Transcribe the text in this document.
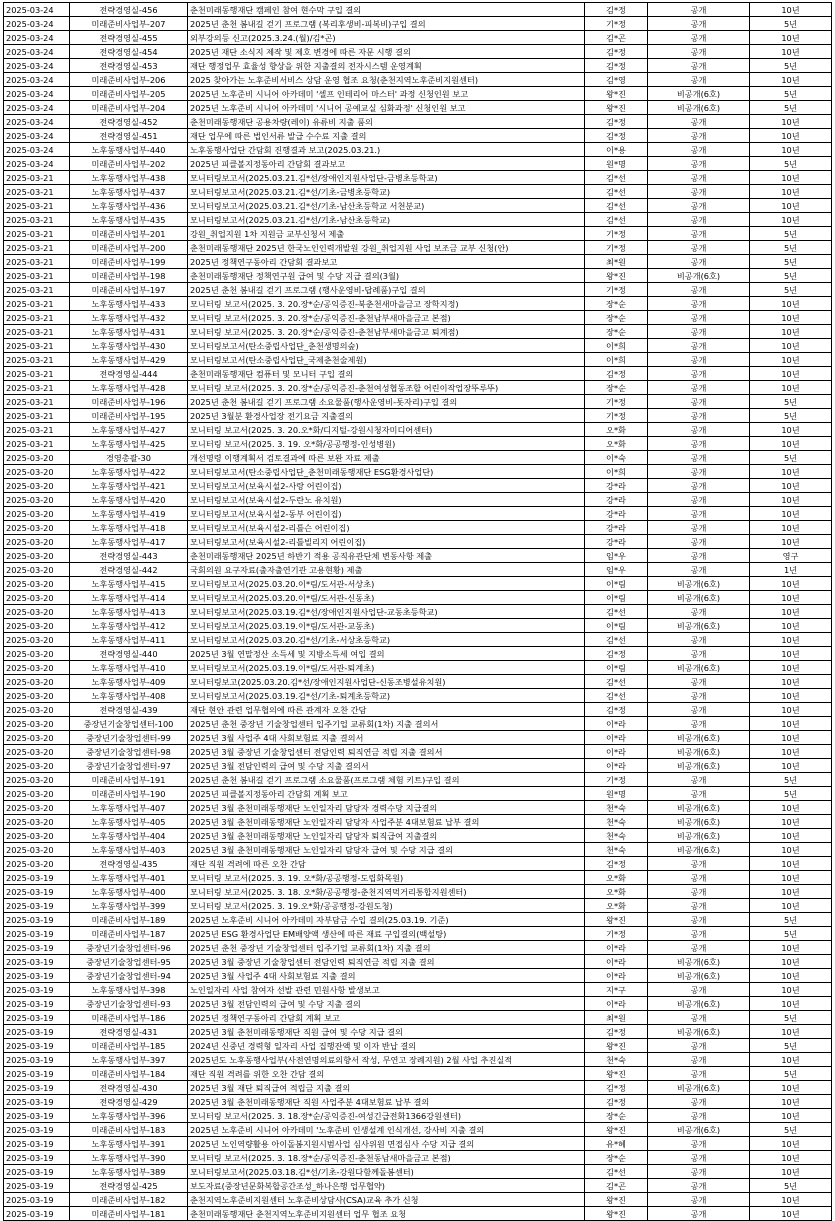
2025-03-24	전략경영실-456	춘천미래동행재단 캠페인 참여 현수막 구입 결의	김*정	공개	10년
2025-03-24	미래준비사업부-207	2025년 춘천 봄내길 걷기 프로그램 (복리후생비-피복비)구입 결의	기*정	공개	5년
2025-03-24	전략경영실-455	외부강의등 신고(2025.3.24.(월)/김*곤)	김*곤	공개	10년
2025-03-24	전략경영실-454	2025년 재단 소식지 제작 및 제호 변경에 따른 자문 시행 결의	김*정	공개	10년
2025-03-24	전략경영실-453	재단 행정업무 효율성 향상을 위한 지출결의 전자시스템 운영계획	김*정	공개	5년
2025-03-24	미래준비사업부-206	2025 찾아가는 노후준비서비스 상담 운영 협조 요청(춘천지역노후준비지원센터)	김*영	공개	10년
2025-03-24	미래준비사업부-205	2025년 노후준비 시니어 아카데미 '셀프 인테리어 마스터' 과정 신청인원 보고	왕*진	비공개(6호)	5년
2025-03-24	미래준비사업부-204	2025년 노후준비 시니어 아카데미 '시니어 공예교실 심화과정' 신청인원 보고	왕*진	비공개(6호)	5년
2025-03-24	전략경영실-452	춘천미래동행재단 공용차량(레이) 유류비 지출 품의	김*정	공개	10년
2025-03-24	전략경영실-451	재단 업무에 따른 법인서류 발급 수수료 지출 결의	김*정	공개	10년
2025-03-24	노후동행사업부-440	노후동행사업단 간담회 진행결과 보고(2025.03.21.)	이*용	공개	10년
2025-03-24	미래준비사업부-202	2025년 피클볼지정동아리 간담회 결과보고	원*명	공개	5년
2025-03-21	노후동행사업부-438	모니터링보고서(2025.03.21.김*선/장애인지원사업단-금병초등학교)	김*선	공개	10년
2025-03-21	노후동행사업부-437	모니터링보고서(2025.03.21.김*선/기초-금병초등학교)	김*선	공개	10년
2025-03-21	노후동행사업부-436	모니터링보고서(2025.03.21.김*선/기초-남산초등학교 서천분교)	김*선	공개	10년
2025-03-21	노후동행사업부-435	모니터링보고서(2025.03.21.김*선/기초-남산초등학교)	김*선	공개	10년
2025-03-21	미래준비사업부-201	강원_취업지원 1차 지원금 교부신청서 제출	기*정	공개	5년
2025-03-21	미래준비사업부-200	춘천미래동행재단 2025년 한국노인인력개발원 강원_취업지원 사업 보조금 교부 신청(안)	기*정	공개	5년
2025-03-21	미래준비사업부-199	2025년 정책연구동아리 간담회 결과보고	최*원	공개	5년
2025-03-21	미래준비사업부-198	춘천미래동행재단 정책연구원 급여 및 수당 지급 결의(3월)	왕*진	비공개(6호)	5년
2025-03-21	미래준비사업부-197	2025년 춘천 봄내길 걷기 프로그램 (행사운영비-답례품)구입 결의	기*정	공개	5년
2025-03-21	노후동행사업부-433	모니터링 보고서(2025. 3. 20.장*순/공익증진-북춘천새마을금고 장학지정)	장*순	공개	10년
2025-03-21	노후동행사업부-432	모니터링 보고서(2025. 3. 20.장*순/공익증진-춘천남부새마을금고 본점)	장*순	공개	10년
2025-03-21	노후동행사업부-431	모니터링 보고서(2025. 3. 20.장*순/공익증진-춘천남부새마을금고 퇴계점)	장*순	공개	10년
2025-03-21	노후동행사업부-430	모니터링보고서(탄소중립사업단_춘천생명의숲)	이*희	공개	10년
2025-03-21	노후동행사업부-429	모니터링보고서(탄소중립사업단_국제춘천술제원)	이*희	공개	10년
2025-03-21	전략경영실-444	춘천미래동행재단 컴퓨터 및 모니터 구입 결의	김*정	공개	10년
2025-03-21	노후동행사업부-428	모니터링 보고서(2025. 3. 20.장*순/공익증진-춘천여성협동조합 어린이작업장뚜루뚜)	장*순	공개	10년
2025-03-21	미래준비사업부-196	2025년 춘천 봄내길 걷기 프로그램 소요물품(행사운영비-돗자리)구입 결의	기*정	공개	5년
2025-03-21	미래준비사업부-195	2025년 3월분 환경사업장 전기요금 지출결의	기*정	공개	5년
2025-03-21	노후동행사업부-427	모니터링 보고서(2025. 3. 20.오*화/디지털-강원시청자미디어센터)	오*화	공개	10년
2025-03-21	노후동행사업부-425	모니터링 보고서(2025. 3. 19. 오*화/공공행정-인성병원)	오*화	공개	10년
2025-03-20	경영총괄-30	개선명령 이행계획서 검토결과에 따른 보완 자료 제출	이*숙	공개	5년
2025-03-20	노후동행사업부-422	모니터링보고서(탄소중립사업단_춘천미래동행재단 ESG환경사업단)	이*희	공개	10년
2025-03-20	노후동행사업부-421	모니터링보고서(보육시설2-사랑 어린이집)	강*라	공개	10년
2025-03-20	노후동행사업부-420	모니터링보고서(보육시설2-두란노 유치원)	강*라	공개	10년
2025-03-20	노후동행사업부-419	모니터링보고서(보육시설2-동부 어린이집)	강*라	공개	10년
2025-03-20	노후동행사업부-418	모니터링보고서(보육시설2-리틀슨 어린이집)	강*라	공개	10년
2025-03-20	노후동행사업부-417	모니터링보고서(보육시설2-리틀빌리지 어린이집)	강*라	공개	10년
2025-03-20	전략경영실-443	춘천미래동행재단 2025년 하반기 적용 공직유관단체 변동사항 제출	임*우	공개	영구
2025-03-20	전략경영실-442	국회의원 요구자료(출자출연기관 고용현황) 제출	임*우	공개	1년
2025-03-20	노후동행사업부-415	모니터링보고서(2025.03.20.이*림/도서관-서상초)	이*림	비공개(6호)	10년
2025-03-20	노후동행사업부-414	모니터링보고서(2025.03.20.이*림/도서관-신동초)	이*림	비공개(6호)	10년
2025-03-20	노후동행사업부-413	모니터링보고서(2025.03.19.김*선/장애인지원사업단-교동초등학교)	김*선	공개	10년
2025-03-20	노후동행사업부-412	모니터링보고서(2025.03.19.이*림/도서관-교동초)	이*림	비공개(6호)	10년
2025-03-20	노후동행사업부-411	모니터링보고서(2025.03.20.김*선/기초-서상초등학교)	김*선	공개	10년
2025-03-20	전략경영실-440	2025년 3월 연말정산 소득세 및 지방소득세 여입 결의	김*정	공개	10년
2025-03-20	노후동행사업부-410	모니터링보고서(2025.03.19.이*림/도서관-퇴계초)	이*림	비공개(6호)	10년
2025-03-20	노후동행사업부-409	모니터링보고(2025.03.20.김*선/장애인지원사업단-신동조병설유치원)	김*선	공개	10년
2025-03-20	노후동행사업부-408	모니터링보고서(2025.03.19.김*선/기초-퇴계초등학교)	김*선	공개	10년
2025-03-20	전략경영실-439	재단 현안 관련 업무협의에 따른 관계자 오찬 간담	김*정	공개	10년
2025-03-20	중장년기술창업센터-100	2025년 춘천 중장년 기술창업센터 입주기업 교류회(1차) 지출 결의서	이*라	공개	10년
2025-03-20	중장년기술창업센터-99	2025년 3월 사업주 4대 사회보험료 지출 결의서	이*라	비공개(6호)	10년
2025-03-20	중장년기술창업센터-98	2025년 3월 중장년 기술창업센터 전담인력 퇴직연금 적립 지출 결의서	이*라	비공개(6호)	10년
2025-03-20	중장년기술창업센터-97	2025년 3월 전담인력의 급여 및 수당 지출 결의서	이*라	비공개(6호)	10년
2025-03-20	미래준비사업부-191	2025년 춘천 봄내길 걷기 프로그램 소요물품(프로그램 체험 키트)구입 결의	기*정	공개	5년
2025-03-20	미래준비사업부-190	2025년 피클볼지정동아리 간담회 계획 보고	원*명	공개	5년
2025-03-20	노후동행사업부-407	2025년 3월 춘천미래동행재단 노인일자리 담당자 경력수당 지급결의	천*숙	비공개(6호)	10년
2025-03-20	노후동행사업부-405	2025년 3월 춘천미래동행재단 노인일자리 담당자 사업주분 4대보험료 납부 결의	천*숙	비공개(6호)	10년
2025-03-20	노후동행사업부-404	2025년 3월 춘천미래동행재단 노인일자리 담당자 퇴직급여 지출결의	천*숙	비공개(6호)	10년
2025-03-20	노후동행사업부-403	2025년 3월 춘천미래동행재단 노인일자리 담당자 급여 및 수당 지급 결의	천*숙	비공개(6호)	10년
2025-03-20	전략경영실-435	재단 직원 격려에 따른 오찬 간담	김*정	공개	10년
2025-03-19	노후동행사업부-401	모니터링 보고서(2025. 3. 19. 오*화/공공행정-도립화목원)	오*화	공개	10년
2025-03-19	노후동행사업부-400	모니터링 보고서(2025. 3. 18. 오*화/공공행정-춘천지역먹거리통합지원센터)	오*화	공개	10년
2025-03-19	노후동행사업부-399	모니터링 보고서(2025. 3. 19.오*화/공공행정-강원도청)	오*화	공개	10년
2025-03-19	미래준비사업부-189	2025년 노후준비 시니어 아카데미 자부담금 수입 결의(25.03.19. 기준)	왕*진	공개	5년
2025-03-19	미래준비사업부-187	2025년 ESG 환경사업단 EM배양액 생산에 따른 재료 구입결의(백설탕)	기*정	공개	5년
2025-03-19	중장년기술창업센터-96	2025년 춘천 중장년 기술창업센터 입주기업 교류회(1차) 지출 결의	이*라	공개	10년
2025-03-19	중장년기술창업센터-95	2025년 3월 중장년 기술창업센터 전담인력 퇴직연금 적립 지출 결의	이*라	비공개(6호)	10년
2025-03-19	중장년기술창업센터-94	2025년 3월 사업주 4대 사회보험료 지출 결의	이*라	비공개(6호)	10년
2025-03-19	노후동행사업부-398	노인일자리 사업 참여자 선발 관련 민원사항 발생보고	지*구	공개	10년
2025-03-19	중장년기술창업센터-93	2025년 3월 전담인력의 급여 및 수당 지출 결의	이*라	비공개(6호)	10년
2025-03-19	미래준비사업부-186	2025년 정책연구동아리 간담회 계획 보고	최*원	공개	5년
2025-03-19	전략경영실-431	2025년 3월 춘천미래동행재단 직원 급여 및 수당 지급 결의	김*정	비공개(6호)	10년
2025-03-19	미래준비사업부-185	2024년 신중년 경력형 일자리 사업 집행잔액 및 이자 반납 결의	왕*진	공개	5년
2025-03-19	노후동행사업부-397	2025년도 노후동행사업부(사전연명의료의향서 작성, 무연고 장례지원) 2월 사업 추진실적	천*숙	공개	10년
2025-03-19	미래준비사업부-184	재단 직원 격려를 위한 오찬 간담 결의	왕*진	공개	5년
2025-03-19	전략경영실-430	2025년 3월 재단 퇴직급여 적립금 지출 결의	김*정	비공개(6호)	10년
2025-03-19	전략경영실-429	2025년 3월 춘천미래동행재단 직원 사업주분 4대보험료 납부 결의	김*정	공개	10년
2025-03-19	노후동행사업부-396	모니터링 보고서(2025. 3. 18.장*순/공익증진-여성긴급전화1366강원센터)	장*순	공개	10년
2025-03-19	미래준비사업부-183	2025년 노후준비 시니어 아카데미 '노후준비 인생설계 인식개선, 강사비 지출 결의	왕*진	비공개(6호)	5년
2025-03-19	노후동행사업부-391	2025년 노인역량활용 아이돌봄지원시범사업 심사위원 면접심사 수당 지급 결의	유*혜	공개	10년
2025-03-19	노후동행사업부-390	모니터링 보고서(2025. 3. 18.장*순/공익증진-춘천동남새마을금고 본점)	장*순	공개	10년
2025-03-19	노후동행사업부-389	모니터링보고서(2025.03.18.김*선/기초-강원다함께돌봄센터)	김*선	공개	10년
2025-03-19	전략경영실-425	보도자료(중장년문화복합공간조성_하나은행 업무협약)	김*곤	공개	5년
2025-03-19	미래준비사업부-182	춘천지역노후준비지원센터 노후준비상담사(CSA)교육 추가 신청	왕*진	공개	10년
2025-03-19	미래준비사업부-181	춘천미래동행재단 춘천지역노후준비지원센터 업무 협조 요청	왕*진	공개	10년
